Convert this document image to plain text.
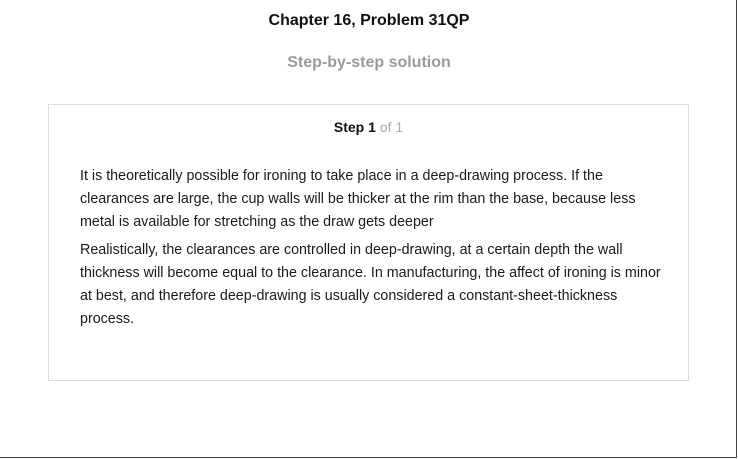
Chapter 16, Problem 31QP
Step-by-step solution
Step 1 of 1

It is theoretically possible for ironing to take place in a deep-drawing process. If the clearances are large, the cup walls will be thicker at the rim than the base, because less metal is available for stretching as the draw gets deeper

Realistically, the clearances are controlled in deep-drawing, at a certain depth the wall thickness will become equal to the clearance. In manufacturing, the affect of ironing is minor at best, and therefore deep-drawing is usually considered a constant-sheet-thickness process.
